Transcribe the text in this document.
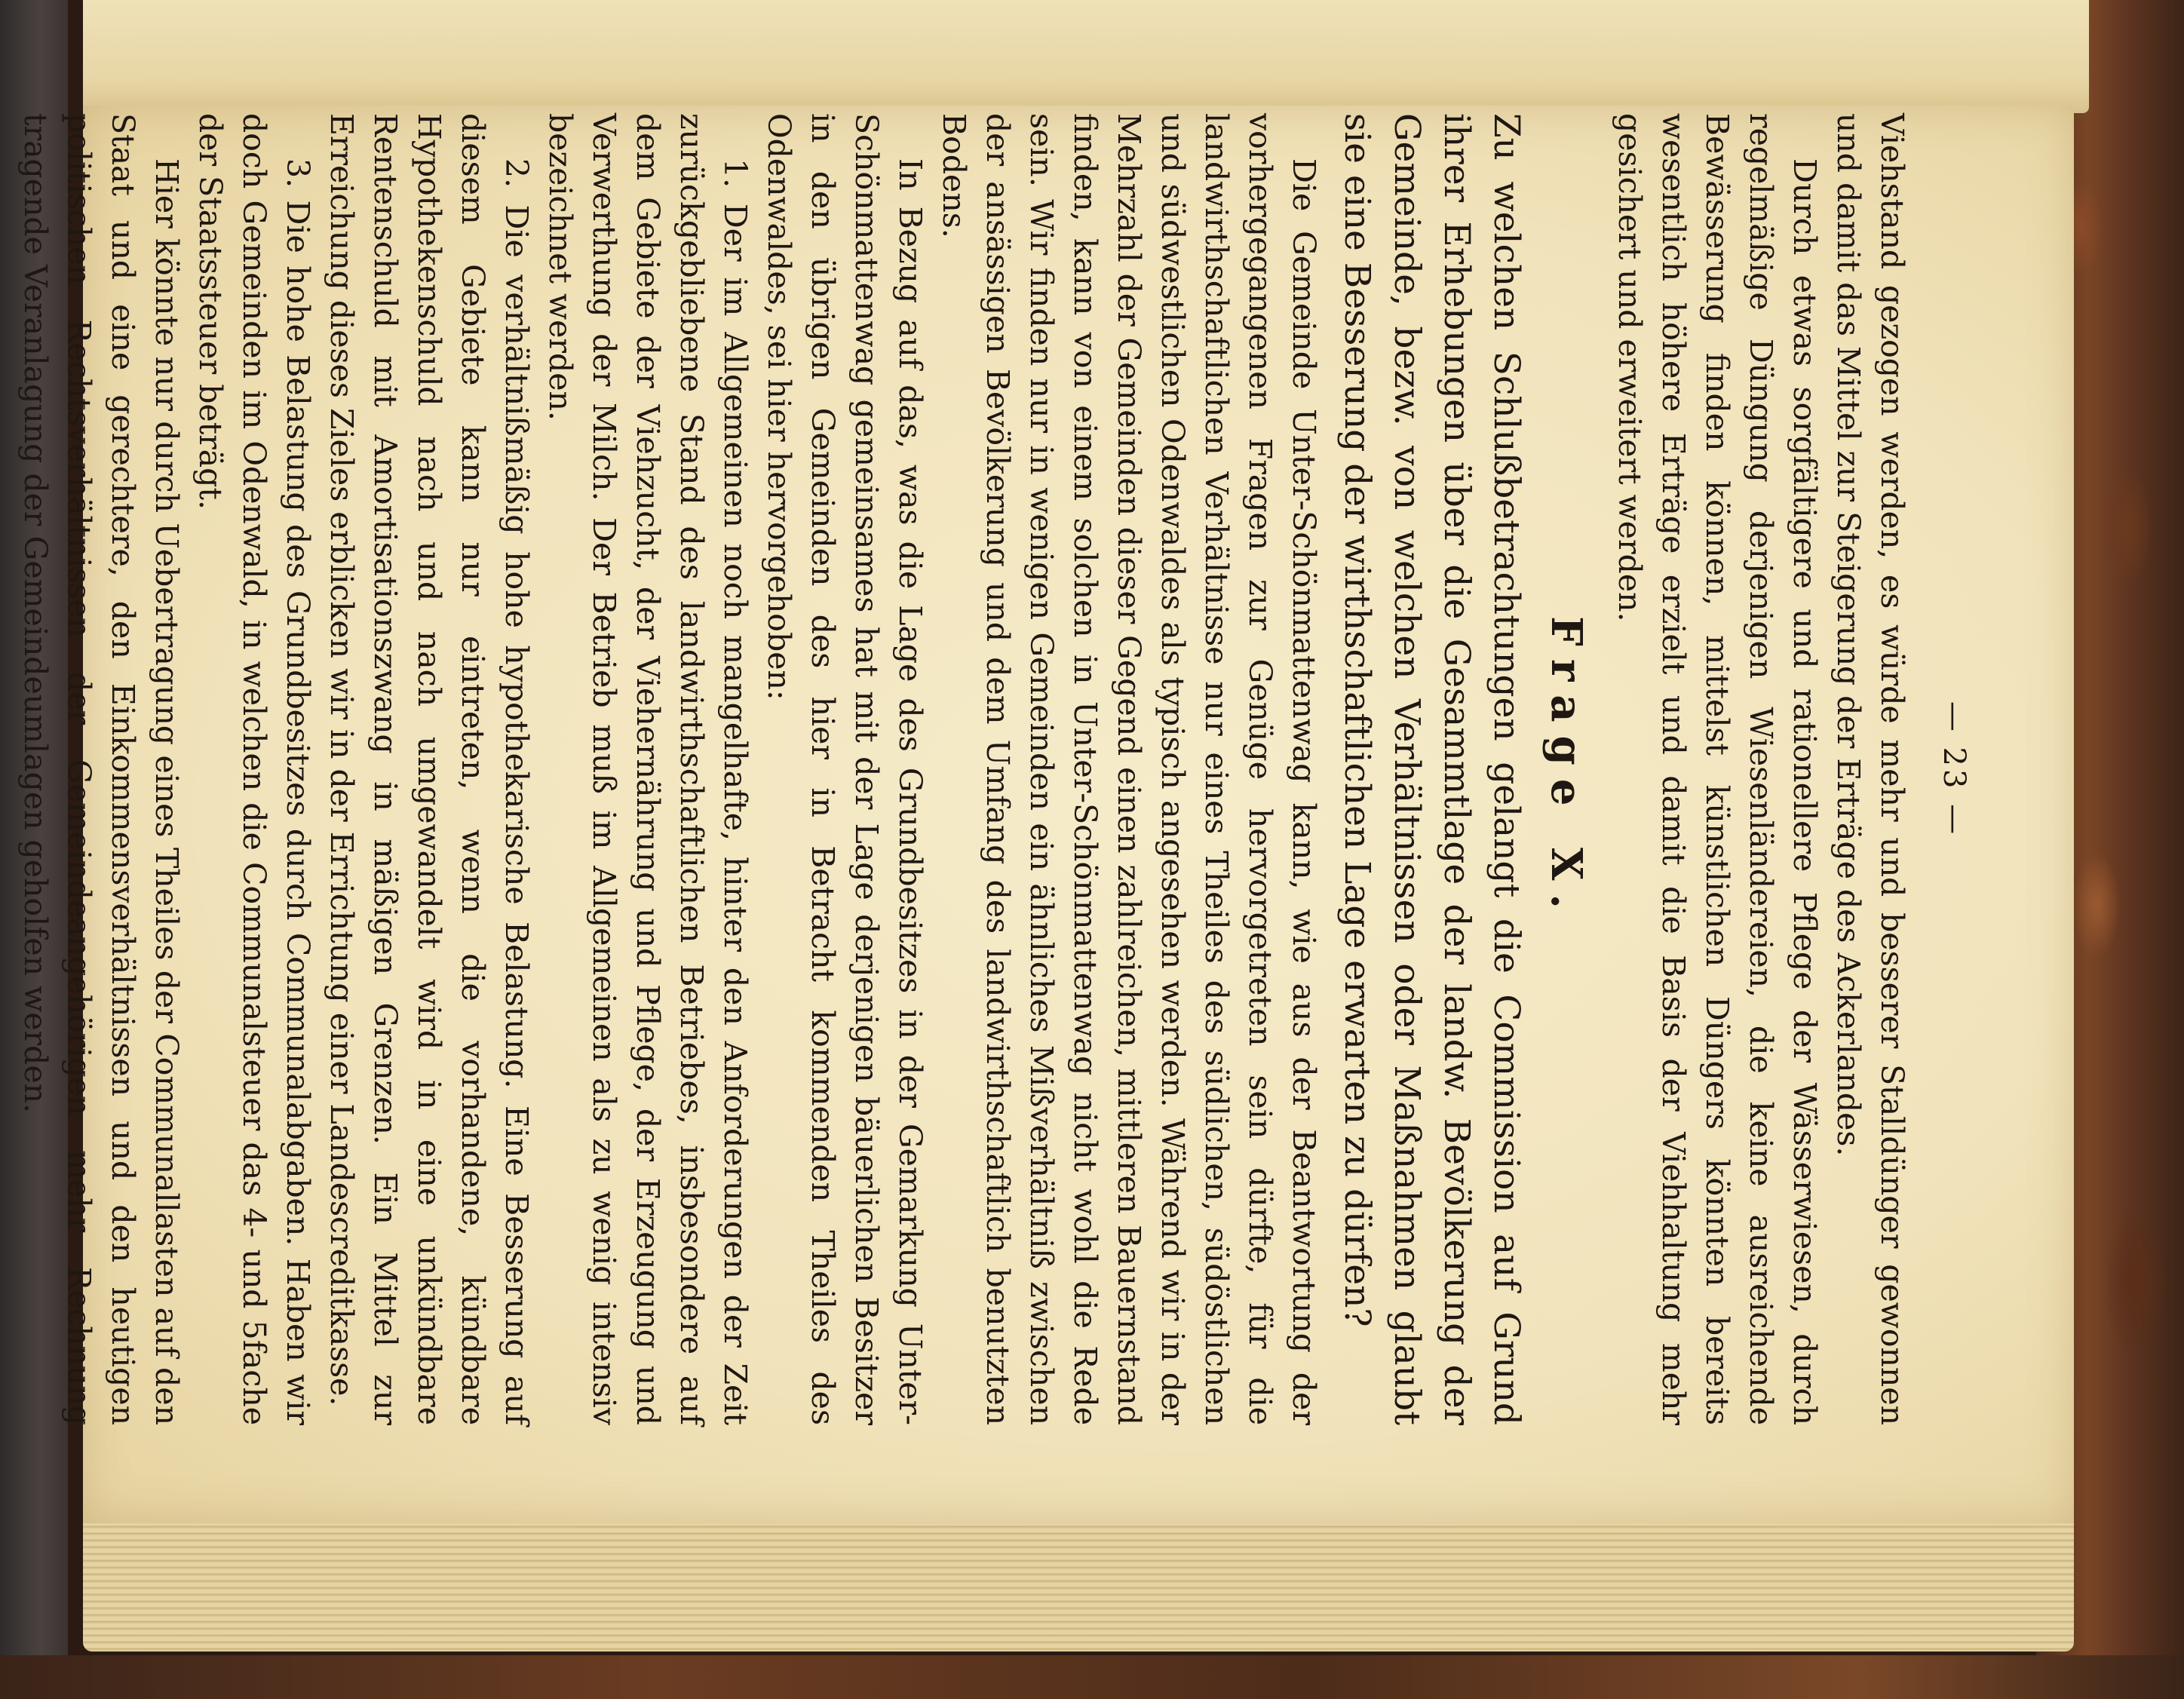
— 23 —

Viehstand gezogen werden, es würde mehr und besserer Stalldünger gewonnen und damit das Mittel zur Steigerung der Erträge des Ackerlandes.

Durch etwas sorgfältigere und rationellere Pflege der Wässerwiesen, durch regelmäßige Düngung derjenigen Wiesenländereien, die keine ausreichende Bewässerung finden können, mittelst künstlichen Düngers könnten bereits wesentlich höhere Erträge erzielt und damit die Basis der Viehhaltung mehr gesichert und erweitert werden.

Frage X.

Zu welchen Schlußbetrachtungen gelangt die Commission auf Grund ihrer Erhebungen über die Gesammtlage der landw. Bevölkerung der Gemeinde, bezw. von welchen Verhältnissen oder Maßnahmen glaubt sie eine Besserung der wirthschaftlichen Lage erwarten zu dürfen?

Die Gemeinde Unter-Schönmattenwag kann, wie aus der Beantwortung der vorhergegangenen Fragen zur Genüge hervorgetreten sein dürfte, für die landwirthschaftlichen Verhältnisse nur eines Theiles des südlichen, südöstlichen und südwestlichen Odenwaldes als typisch angesehen werden. Während wir in der Mehrzahl der Gemeinden dieser Gegend einen zahlreichen, mittleren Bauernstand finden, kann von einem solchen in Unter-Schönmattenwag nicht wohl die Rede sein. Wir finden nur in wenigen Gemeinden ein ähnliches Mißverhältniß zwischen der ansässigen Bevölkerung und dem Umfang des landwirthschaftlich benutzten Bodens.

In Bezug auf das, was die Lage des Grundbesitzes in der Gemarkung Unter-Schönmattenwag gemeinsames hat mit der Lage derjenigen bäuerlichen Besitzer in den übrigen Gemeinden des hier in Betracht kommenden Theiles des Odenwaldes, sei hier hervorgehoben:

1. Der im Allgemeinen noch mangelhafte, hinter den Anforderungen der Zeit zurückgebliebene Stand des landwirthschaftlichen Betriebes, insbesondere auf dem Gebiete der Viehzucht, der Viehernährung und Pflege, der Erzeugung und Verwerthung der Milch. Der Betrieb muß im Allgemeinen als zu wenig intensiv bezeichnet werden.

2. Die verhältnißmäßig hohe hypothekarische Belastung. Eine Besserung auf diesem Gebiete kann nur eintreten, wenn die vorhandene, kündbare Hypothekenschuld nach und nach umgewandelt wird in eine unkündbare Rentenschuld mit Amortisationszwang in mäßigen Grenzen. Ein Mittel zur Erreichung dieses Zieles erblicken wir in der Errichtung einer Landescreditkasse.

3. Die hohe Belastung des Grundbesitzes durch Communalabgaben. Haben wir doch Gemeinden im Odenwald, in welchen die Communalsteuer das 4- und 5fache der Staatssteuer beträgt.

Hier könnte nur durch Uebertragung eines Theiles der Communallasten auf den Staat und eine gerechtere, den Einkommensverhältnissen und den heutigen politischen Rechtsverhältnissen der Gemeindeangehörigen mehr Rechnung tragende Veranlagung der Gemeindeumlagen geholfen werden.
